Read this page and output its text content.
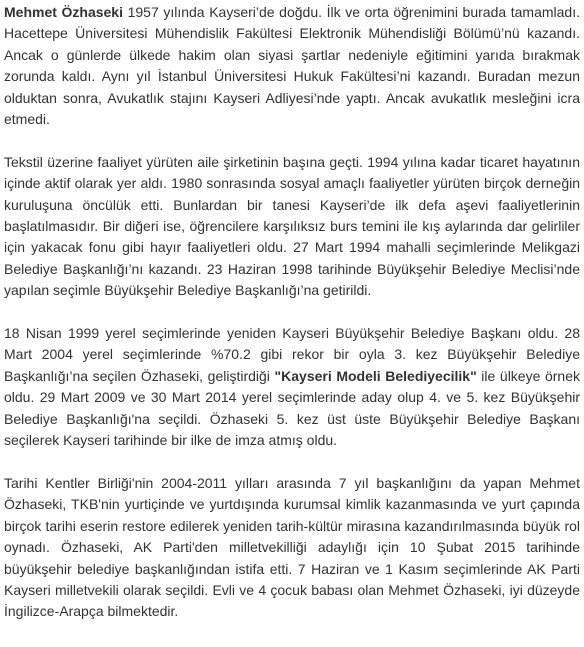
Mehmet Özhaseki 1957 yılında Kayseri’de doğdu. İlk ve orta öğrenimini burada tamamladı. Hacettepe Üniversitesi Mühendislik Fakültesi Elektronik Mühendisliği Bölümü’nü kazandı. Ancak o günlerde ülkede hakim olan siyasi şartlar nedeniyle eğitimini yarıda bırakmak zorunda kaldı. Aynı yıl İstanbul Üniversitesi Hukuk Fakültesi’ni kazandı. Buradan mezun olduktan sonra, Avukatlık stajını Kayseri Adliyesi’nde yaptı. Ancak avukatlık mesleğini icra etmedi.

Tekstil üzerine faaliyet yürüten aile şirketinin başına geçti. 1994 yılına kadar ticaret hayatının içinde aktif olarak yer aldı. 1980 sonrasında sosyal amaçlı faaliyetler yürüten birçok derneğin kuruluşuna öncülük etti. Bunlardan bir tanesi Kayseri’de ilk defa aşevi faaliyetlerinin başlatılmasıdır. Bir diğeri ise, öğrencilere karşılıksız burs temini ile kış aylarında dar gelirliler için yakacak fonu gibi hayır faaliyetleri oldu. 27 Mart 1994 mahalli seçimlerinde Melikgazi Belediye Başkanlığı’nı kazandı. 23 Haziran 1998 tarihinde Büyükşehir Belediye Meclisi’nde yapılan seçimle Büyükşehir Belediye Başkanlığı’na getirildi.

18 Nisan 1999 yerel seçimlerinde yeniden Kayseri Büyükşehir Belediye Başkanı oldu. 28 Mart 2004 yerel seçimlerinde %70.2 gibi rekor bir oyla 3. kez Büyükşehir Belediye Başkanlığı’na seçilen Özhaseki, geliştirdiği "Kayseri Modeli Belediyecilik" ile ülkeye örnek oldu. 29 Mart 2009 ve 30 Mart 2014 yerel seçimlerinde aday olup 4. ve 5. kez Büyükşehir Belediye Başkanlığı'na seçildi. Özhaseki 5. kez üst üste Büyükşehir Belediye Başkanı seçilerek Kayseri tarihinde bir ilke de imza atmış oldu.

Tarihi Kentler Birliği'nin 2004-2011 yılları arasında 7 yıl başkanlığını da yapan Mehmet Özhaseki, TKB'nin yurtiçinde ve yurtdışında kurumsal kimlik kazanmasında ve yurt çapında birçok tarihi eserin restore edilerek yeniden tarih-kültür mirasına kazandırılmasında büyük rol oynadı. Özhaseki, AK Parti'den milletvekilliği adaylığı için 10 Şubat 2015 tarihinde büyükşehir belediye başkanlığından istifa etti. 7 Haziran ve 1 Kasım seçimlerinde AK Parti Kayseri milletvekili olarak seçildi. Evli ve 4 çocuk babası olan Mehmet Özhaseki, iyi düzeyde İngilizce-Arapça bilmektedir.
